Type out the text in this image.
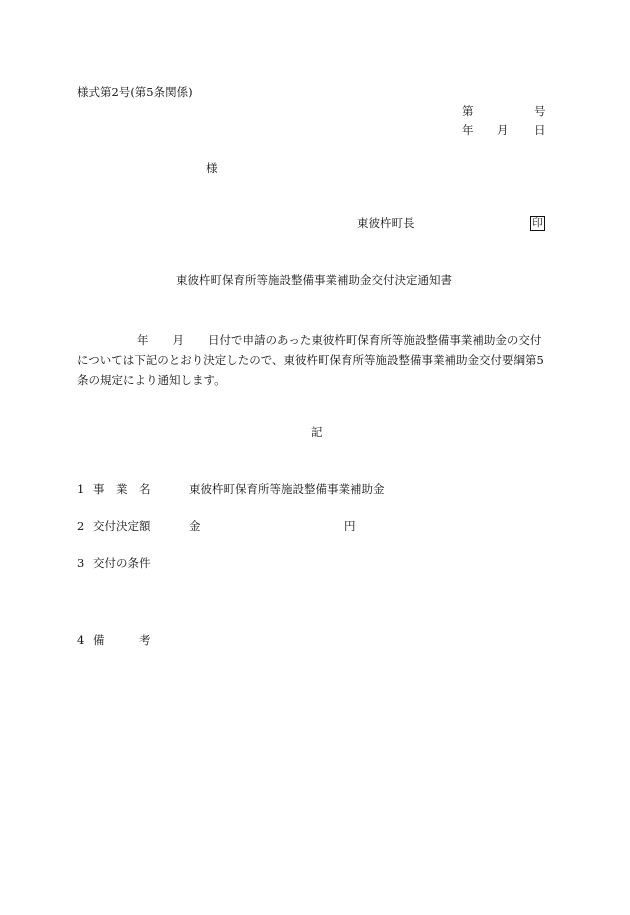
様式第2号(第5条関係)
第	号
年 月 日
様
東彼杵町長	印
東彼杵町保育所等施設整備事業補助金交付決定通知書
年 月 日付で申請のあった東彼杵町保育所等施設整備事業補助金の交付
については下記のとおり決定したので、東彼杵町保育所等施設整備事業補助金交付要綱第5
条の規定により通知します。
記
1 事　業　名	東彼杵町保育所等施設整備事業補助金
2 交付決定額	金	円
3 交付の条件
4 備　　　考
